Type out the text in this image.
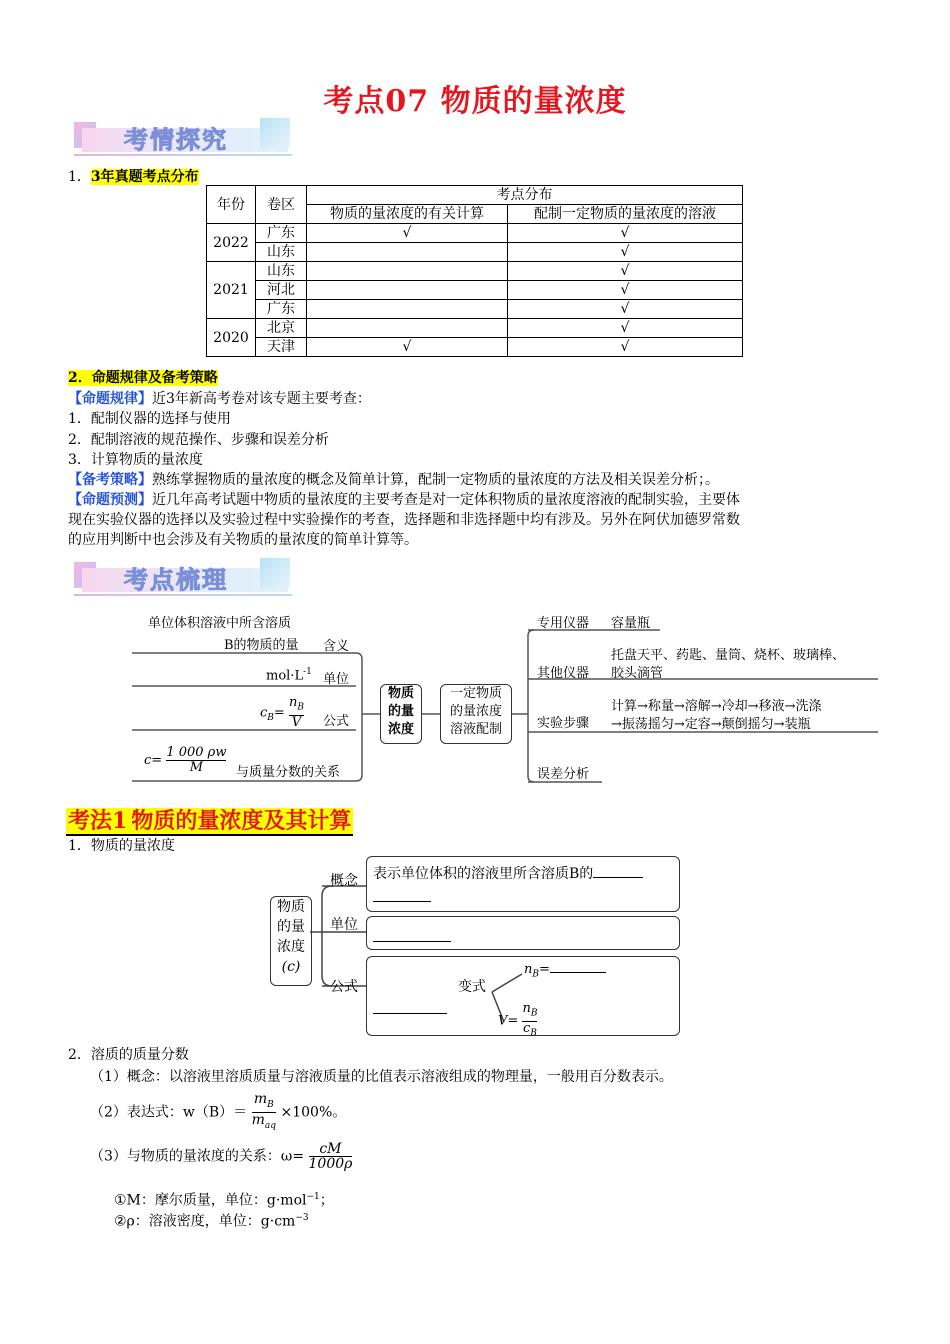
考点07 物质的量浓度
考情探究
1．3年真题考点分布
年份	卷区	考点分布	
		物质的量浓度的有关计算	配制一定物质的量浓度的溶液
2022	广东	√	√
	山东		√
2021	山东		√
	河北		√
	广东		√
2020	北京		√
	天津	√	√
2．命题规律及备考策略
【命题规律】近3年新高考卷对该专题主要考查：
1．配制仪器的选择与使用
2．配制溶液的规范操作、步骤和误差分析
3．计算物质的量浓度
【备考策略】熟练掌握物质的量浓度的概念及简单计算，配制一定物质的量浓度的方法及相关误差分析；。
【命题预测】近几年高考试题中物质的量浓度的主要考查是对一定体积物质的量浓度溶液的配制实验，主要体
现在实验仪器的选择以及实验过程中实验操作的考查，选择题和非选择题中均有涉及。另外在阿伏加德罗常数
的应用判断中也会涉及有关物质的量浓度的简单计算等。
考点梳理
单位体积溶液中所含溶质
B的物质的量 含义
$mol\cdot L^{-1}$ 单位
$c_B= \frac{n_B}{V}$ 公式
$c= \frac{1 000 \rho w}{M}$ 与质量分数的关系
物质
的量
浓度
一定物质
的量浓度
溶液配制
专用仪器 容量瓶
其他仪器
托盘天平、药匙、量筒、烧杯、玻璃棒、
胶头滴管
实验步骤
计算→称量→溶解→冷却→移液→洗涤
→振荡摇匀→定容→颠倒摇匀→装瓶
误差分析
考法1 物质的量浓度及其计算
1．物质的量浓度
物质
的量
浓度
(c)
概念
单位
公式
表示单位体积的溶液里所含溶质B的
变式
$n_B=$
$V= \frac{n_B}{c_B}$
2．溶质的质量分数
（1）概念：以溶液里溶质质量与溶液质量的比值表示溶液组成的物理量，一般用百分数表示。
（2）表达式：$w(B)= \frac{m_B}{m_{aq}} \times 100\%$。
（3）与物质的量浓度的关系：$\omega= \frac{cM}{1000\rho}$
①M：摩尔质量，单位：g·mol$^{-1}$；
②ρ：溶液密度，单位：$g\cdot cm^{-3}$
